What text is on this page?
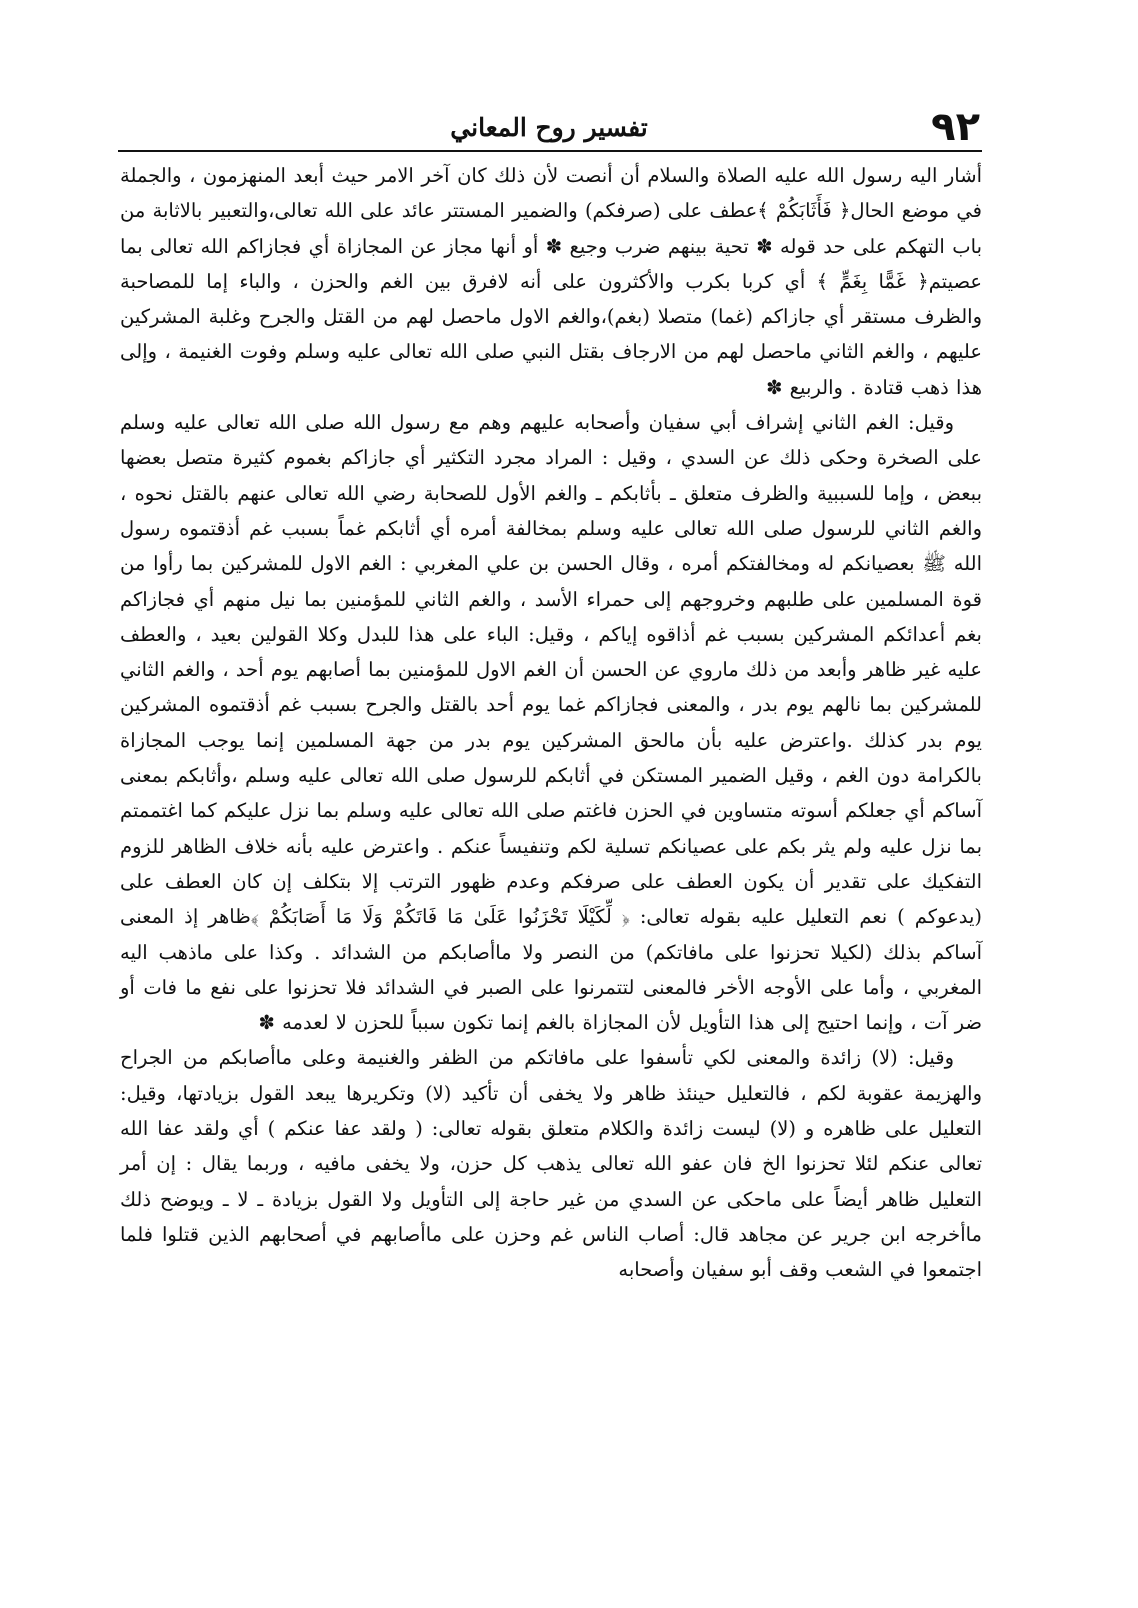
٩٢
تفسير روح المعاني

أشار اليه رسول الله عليه الصلاة والسلام أن أنصت لأن ذلك كان آخر الامر حيث أبعد المنهزمون ، والجملة في موضع الحال﴿ فَأَثَابَكُمْ ﴾عطف على (صرفكم) والضمير المستتر عائد على الله تعالى،والتعبير بالاثابة من باب التهكم على حد قوله ✽ تحية بينهم ضرب وجيع ✽ أو أنها مجاز عن المجازاة أي فجازاكم الله تعالى بما عصيتم﴿ غَمًّا بِغَمٍّ ﴾ أي كربا بكرب والأكثرون على أنه لافرق بين الغم والحزن ، والباء إما للمصاحبة والظرف مستقر أي جازاكم (غما) متصلا (بغم)،والغم الاول ماحصل لهم من القتل والجرح وغلبة المشركين عليهم ، والغم الثاني ماحصل لهم من الارجاف بقتل النبي صلى الله تعالى عليه وسلم وفوت الغنيمة ، وإلى هذا ذهب قتادة . والربيع ✽

وقيل: الغم الثاني إشراف أبي سفيان وأصحابه عليهم وهم مع رسول الله صلى الله تعالى عليه وسلم على الصخرة وحكى ذلك عن السدي ، وقيل : المراد مجرد التكثير أي جازاكم بغموم كثيرة متصل بعضها ببعض ، وإما للسببية والظرف متعلق ـ بأثابكم ـ والغم الأول للصحابة رضي الله تعالى عنهم بالقتل نحوه ، والغم الثاني للرسول صلى الله تعالى عليه وسلم بمخالفة أمره أي أثابكم غماً بسبب غم أذقتموه رسول الله ﷺ بعصيانكم له ومخالفتكم أمره ، وقال الحسن بن علي المغربي : الغم الاول للمشركين بما رأوا من قوة المسلمين على طلبهم وخروجهم إلى حمراء الأسد ، والغم الثاني للمؤمنين بما نيل منهم أي فجازاكم بغم أعدائكم المشركين بسبب غم أذاقوه إياكم ، وقيل: الباء على هذا للبدل وكلا القولين بعيد ، والعطف عليه غير ظاهر وأبعد من ذلك ماروي عن الحسن أن الغم الاول للمؤمنين بما أصابهم يوم أحد ، والغم الثاني للمشركين بما نالهم يوم بدر ، والمعنى فجازاكم غما يوم أحد بالقتل والجرح بسبب غم أذقتموه المشركين يوم بدر كذلك .واعترض عليه بأن مالحق المشركين يوم بدر من جهة المسلمين إنما يوجب المجازاة بالكرامة دون الغم ، وقيل الضمير المستكن في أثابكم للرسول صلى الله تعالى عليه وسلم ،وأثابكم بمعنى آساكم أي جعلكم أسوته متساوين في الحزن فاغتم صلى الله تعالى عليه وسلم بما نزل عليكم كما اغتممتم بما نزل عليه ولم يثر بكم على عصيانكم تسلية لكم وتنفيساً عنكم . واعترض عليه بأنه خلاف الظاهر للزوم التفكيك على تقدير أن يكون العطف على صرفكم وعدم ظهور الترتب إلا بتكلف إن كان العطف على (يدعوكم ) نعم التعليل عليه بقوله تعالى: ﴿ لِّكَيْلَا تَحْزَنُوا عَلَىٰ مَا فَاتَكُمْ وَلَا مَا أَصَابَكُمْ ﴾ظاهر إذ المعنى آساكم بذلك (لكيلا تحزنوا على مافاتكم) من النصر ولا ماأصابكم من الشدائد . وكذا على ماذهب اليه المغربي ، وأما على الأوجه الأخر فالمعنى لتتمرنوا على الصبر في الشدائد فلا تحزنوا على نفع ما فات أو ضر آت ، وإنما احتيج إلى هذا التأويل لأن المجازاة بالغم إنما تكون سبباً للحزن لا لعدمه ✽

وقيل: (لا) زائدة والمعنى لكي تأسفوا على مافاتكم من الظفر والغنيمة وعلى ماأصابكم من الجراح والهزيمة عقوبة لكم ، فالتعليل حينئذ ظاهر ولا يخفى أن تأكيد (لا) وتكريرها يبعد القول بزيادتها، وقيل: التعليل على ظاهره و (لا) ليست زائدة والكلام متعلق بقوله تعالى: ( ولقد عفا عنكم ) أي ولقد عفا الله تعالى عنكم لئلا تحزنوا الخ فان عفو الله تعالى يذهب كل حزن، ولا يخفى مافيه ، وربما يقال : إن أمر التعليل ظاهر أيضاً على ماحكى عن السدي من غير حاجة إلى التأويل ولا القول بزيادة ـ لا ـ ويوضح ذلك ماأخرجه ابن جرير عن مجاهد قال: أصاب الناس غم وحزن على ماأصابهم في أصحابهم الذين قتلوا فلما اجتمعوا في الشعب وقف أبو سفيان وأصحابه
